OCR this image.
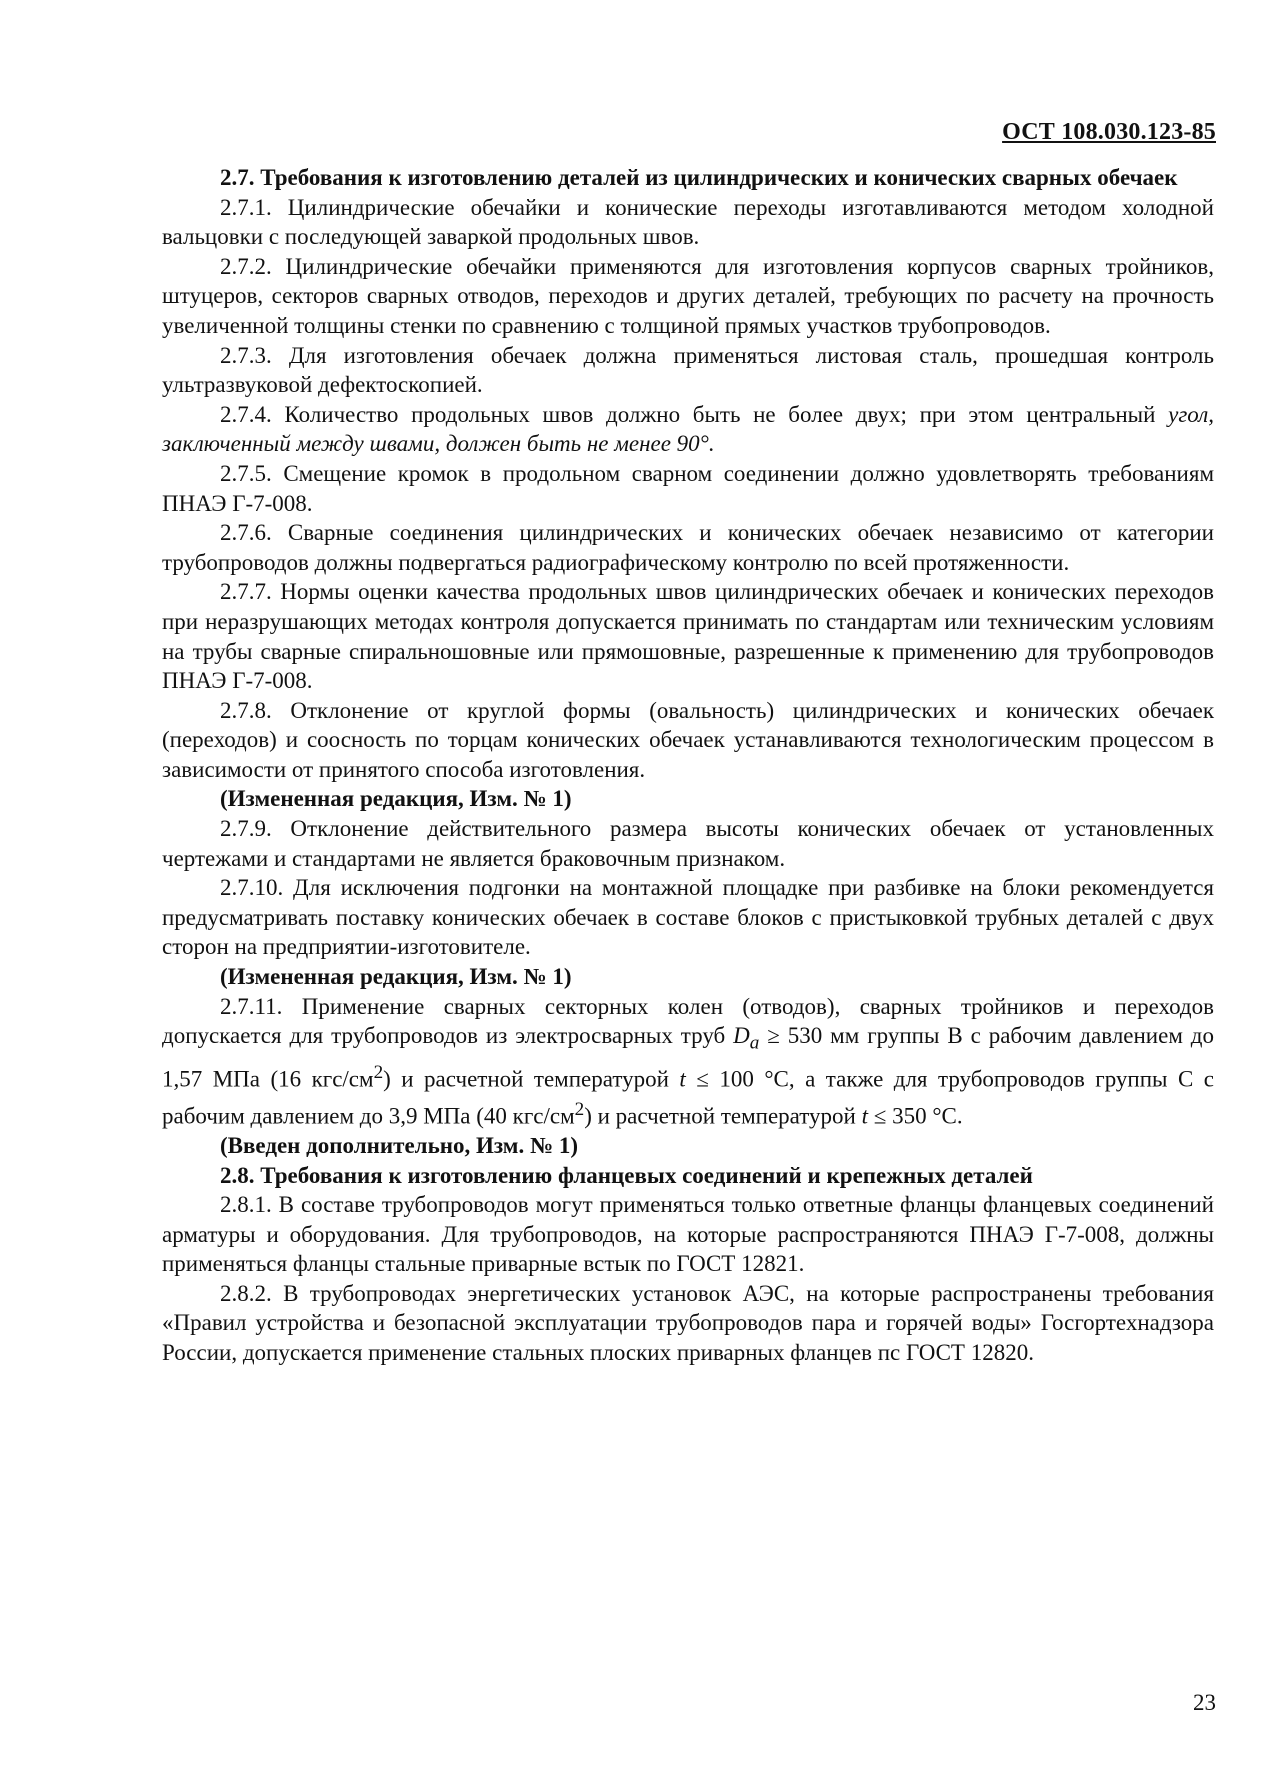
ОСТ 108.030.123-85

2.7. Требования к изготовлению деталей из цилиндрических и конических сварных обечаек

2.7.1. Цилиндрические обечайки и конические переходы изготавливаются методом холодной вальцовки с последующей заваркой продольных швов.

2.7.2. Цилиндрические обечайки применяются для изготовления корпусов сварных тройников, штуцеров, секторов сварных отводов, переходов и других деталей, требующих по расчету на прочность увеличенной толщины стенки по сравнению с толщиной прямых участков трубопроводов.

2.7.3. Для изготовления обечаек должна применяться листовая сталь, прошедшая контроль ультразвуковой дефектоскопией.

2.7.4. Количество продольных швов должно быть не более двух; при этом центральный угол, заключенный между швами, должен быть не менее 90°.

2.7.5. Смещение кромок в продольном сварном соединении должно удовлетворять требованиям ПНАЭ Г-7-008.

2.7.6. Сварные соединения цилиндрических и конических обечаек независимо от категории трубопроводов должны подвергаться радиографическому контролю по всей протяженности.

2.7.7. Нормы оценки качества продольных швов цилиндрических обечаек и конических переходов при неразрушающих методах контроля допускается принимать по стандартам или техническим условиям на трубы сварные спиральношовные или прямошовные, разрешенные к применению для трубопроводов ПНАЭ Г-7-008.

2.7.8. Отклонение от круглой формы (овальность) цилиндрических и конических обечаек (переходов) и соосность по торцам конических обечаек устанавливаются технологическим процессом в зависимости от принятого способа изготовления.

(Измененная редакция, Изм. № 1)

2.7.9. Отклонение действительного размера высоты конических обечаек от установленных чертежами и стандартами не является браковочным признаком.

2.7.10. Для исключения подгонки на монтажной площадке при разбивке на блоки рекомендуется предусматривать поставку конических обечаек в составе блоков с пристыковкой трубных деталей с двух сторон на предприятии-изготовителе.

(Измененная редакция, Изм. № 1)

2.7.11. Применение сварных секторных колен (отводов), сварных тройников и переходов допускается для трубопроводов из электросварных труб $D_a \ge 530$ мм группы В с рабочим давлением до 1,57 МПа (16 кгс/$см^2$) и расчетной температурой t ≤ 100 °С, а также для трубопроводов группы С с рабочим давлением до 3,9 МПа (40 кгс/$см^2$) и расчетной температурой t ≤ 350 °С.

(Введен дополнительно, Изм. № 1)

2.8. Требования к изготовлению фланцевых соединений и крепежных деталей

2.8.1. В составе трубопроводов могут применяться только ответные фланцы фланцевых соединений арматуры и оборудования. Для трубопроводов, на которые распространяются ПНАЭ Г-7-008, должны применяться фланцы стальные приварные встык по ГОСТ 12821.

2.8.2. В трубопроводах энергетических установок АЭС, на которые распространены требования «Правил устройства и безопасной эксплуатации трубопроводов пара и горячей воды» Госгортехнадзора России, допускается применение стальных плоских приварных фланцев пс ГОСТ 12820.

23
